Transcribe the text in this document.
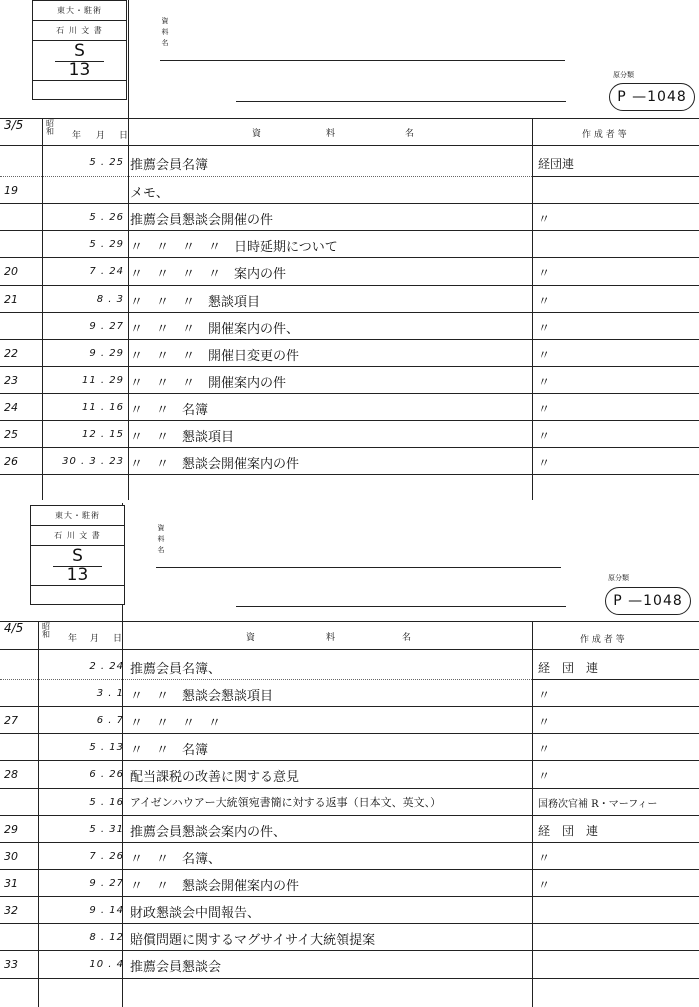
東大・駐術
石 川 文 書
S
13
資
料
名
原分類
P —1048
3/5	昭和 年 月 日	資	料	名	作 成 者 等
5 . 25 推薦会員名簿	経団連
19	メモ、
5 . 26 推薦会員懇談会開催の件	〃
5 . 29 〃　〃　〃　〃　日時延期について
20	7 . 24 〃　〃　〃　〃　案内の件	〃
21	8 . 3 〃　〃　〃　懇談項目	〃
9 . 27 〃　〃　〃　開催案内の件、	〃
22	9 . 29 〃　〃　〃　開催日変更の件	〃
23	11 . 29 〃　〃　〃　開催案内の件	〃
24	11 . 16 〃　〃　名簿	〃
25	12 . 15 〃　〃　懇談項目	〃
26	30 . 3 . 23 〃　〃　懇談会開催案内の件	〃
東大・駐術
石 川 文 書
S
13
資
料
名
原分類
P —1048
4/5 昭和 年 月 日	資	料	名	作 成 者 等
2 . 24 推薦会員名簿、	経　団　連
3 . 1 〃　〃　懇談会懇談項目	〃
27	6 . 7 〃　〃　〃　〃	〃
5 . 13 〃　〃　名簿	〃
28	6 . 26 配当課税の改善に関する意見	〃
5 . 16 アイゼンハウアー大統領宛書簡に対する返事（日本文、英文、）	国務次官補 R・マーフィー
29	5 . 31 推薦会員懇談会案内の件、	経　団　連
30	7 . 26 〃　〃　名簿、	〃
31	9 . 27 〃　〃　懇談会開催案内の件	〃
32	9 . 14 財政懇談会中間報告、
8 . 12 賠償問題に関するマグサイサイ大統領提案
33	10 . 4 推薦会員懇談会
